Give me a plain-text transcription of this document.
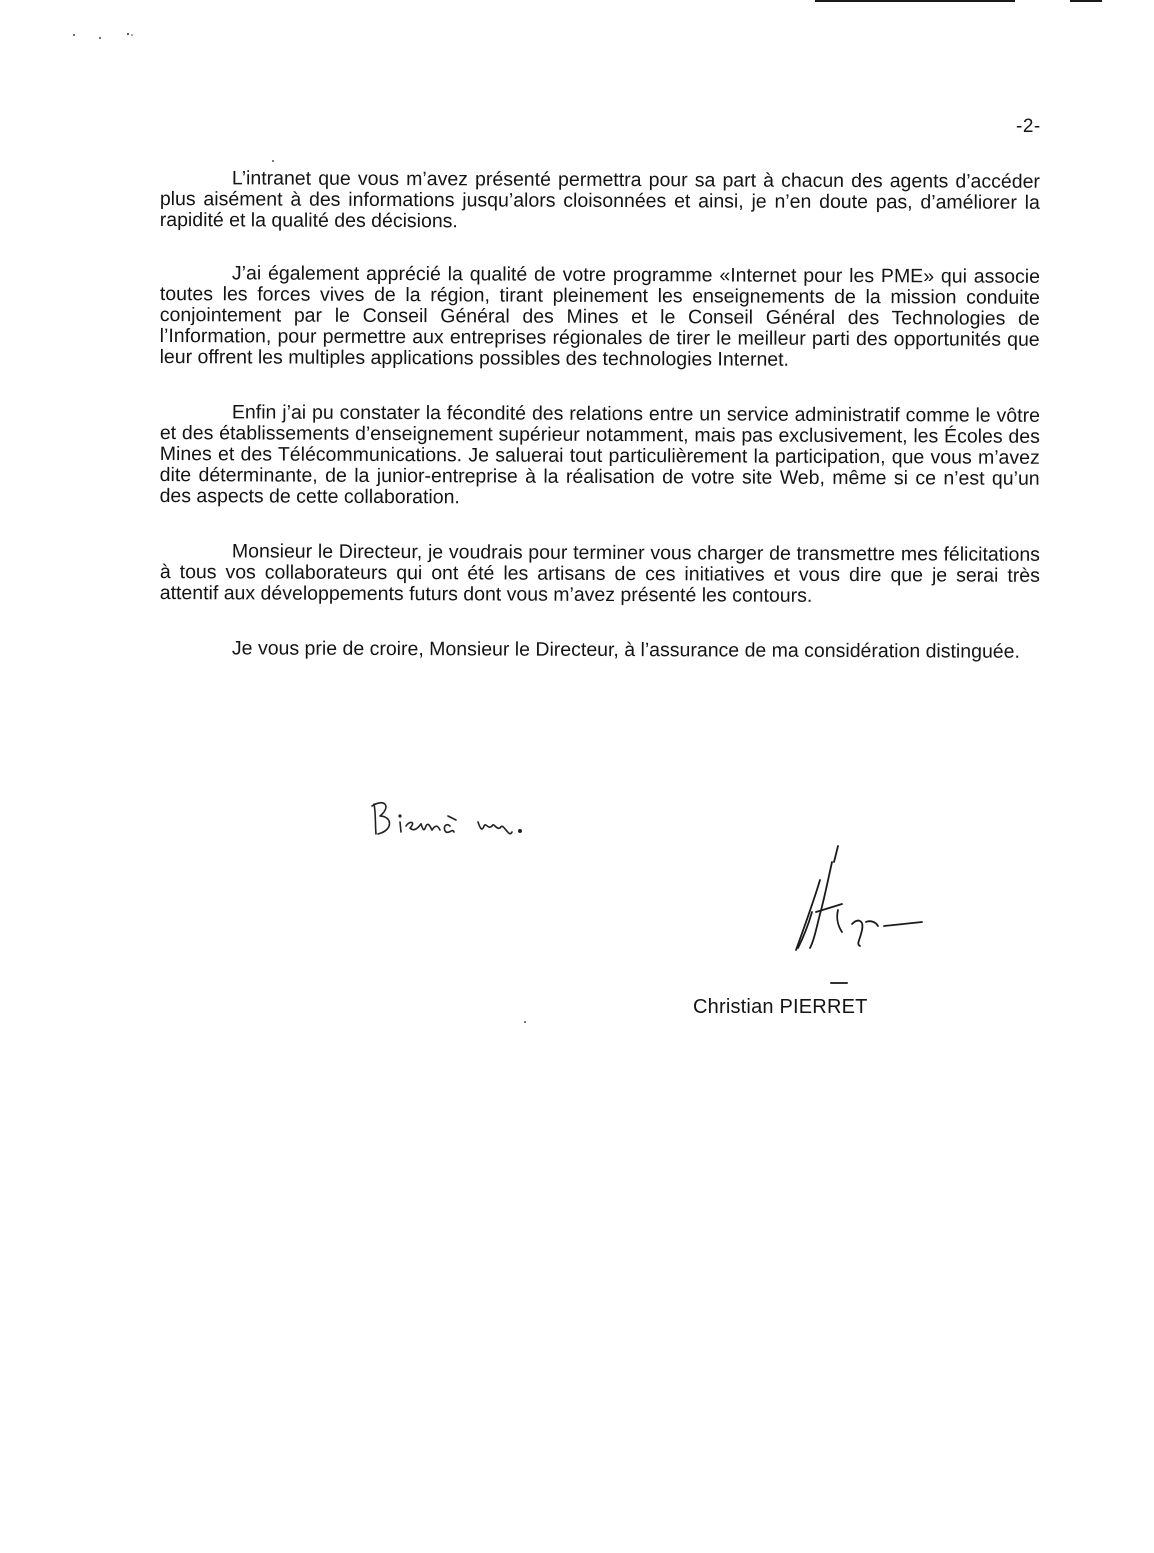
-2-

L’intranet que vous m’avez présenté permettra pour sa part à chacun des agents d’accéder plus aisément à des informations jusqu’alors cloisonnées et ainsi, je n’en doute pas, d’améliorer la rapidité et la qualité des décisions.

J’ai également apprécié la qualité de votre programme «Internet pour les PME» qui associe toutes les forces vives de la région, tirant pleinement les enseignements de la mission conduite conjointement par le Conseil Général des Mines et le Conseil Général des Technologies de l’Information, pour permettre aux entreprises régionales de tirer le meilleur parti des opportunités que leur offrent les multiples applications possibles des technologies Internet.

Enfin j’ai pu constater la fécondité des relations entre un service administratif comme le vôtre et des établissements d’enseignement supérieur notamment, mais pas exclusivement, les Écoles des Mines et des Télécommunications. Je saluerai tout particulièrement la participation, que vous m’avez dite déterminante, de la junior-entreprise à la réalisation de votre site Web, même si ce n’est qu’un des aspects de cette collaboration.

Monsieur le Directeur, je voudrais pour terminer vous charger de transmettre mes félicitations à tous vos collaborateurs qui ont été les artisans de ces initiatives et vous dire que je serai très attentif aux développements futurs dont vous m’avez présenté les contours.

Je vous prie de croire, Monsieur le Directeur, à l’assurance de ma considération distinguée.

Christian PIERRET
